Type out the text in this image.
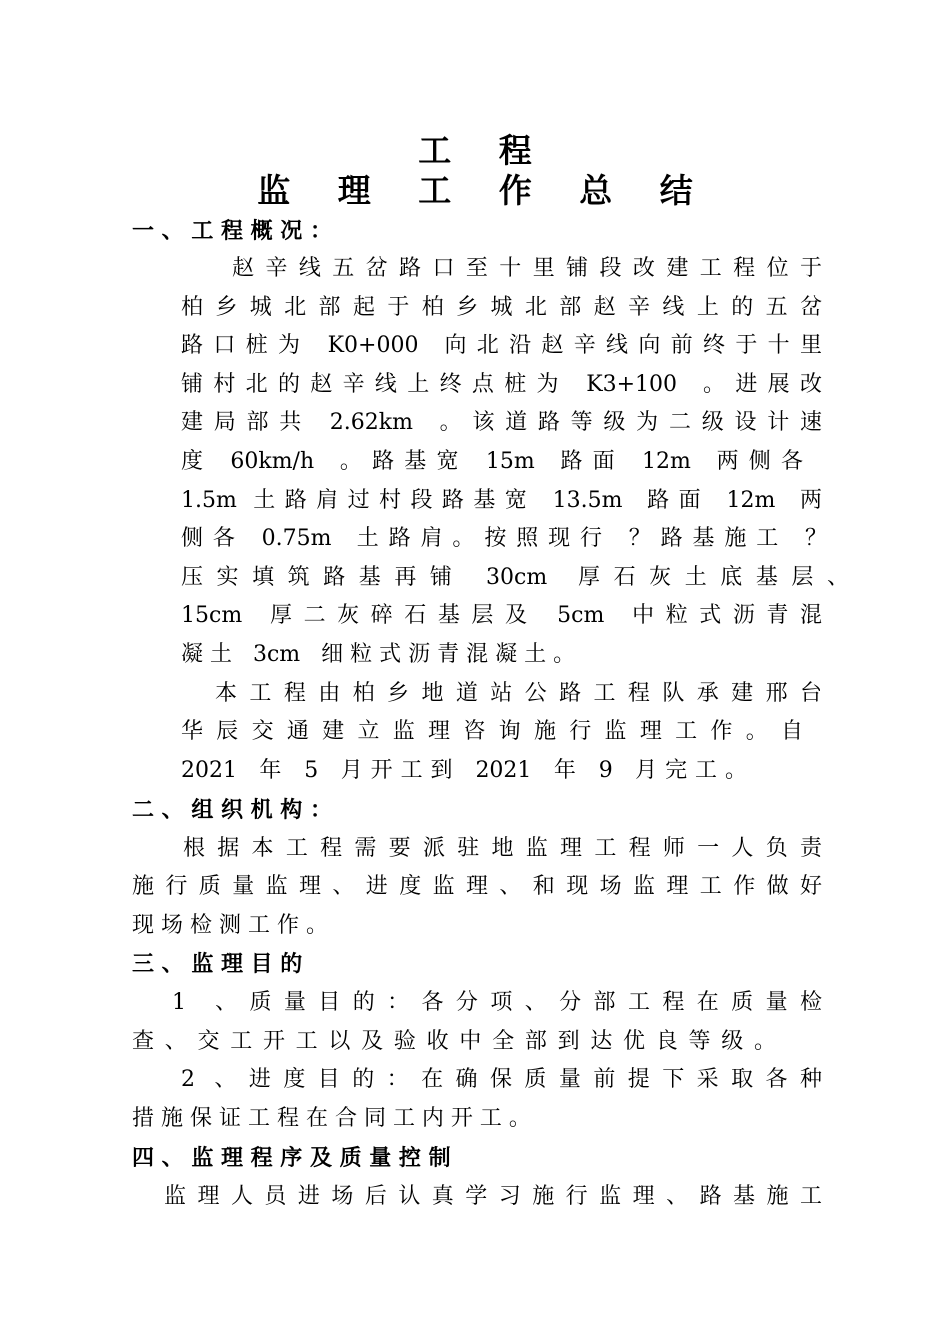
工 程
监 理 工 作 总 结
一 、 工 程 概 况 ：
赵 辛 线 五 岔 路 口 至 十 里 铺 段 改 建 工 程 位 于
柏 乡 城 北 部 起 于 柏 乡 城 北 部 赵 辛 线 上 的 五 岔
路 口 桩 为   K0+000   向 北 沿 赵 辛 线 向 前 终 于 十 里
铺 村 北 的 赵 辛 线 上 终 点 桩 为   K3+100   。 进 展 改
建 局 部 共   2.62km   。 该 道 路 等 级 为 二 级 设 计 速
度   60km/h   。 路 基 宽   15m   路 面   12m   两 侧 各
1.5m  土 路 肩 过 村 段 路 基 宽   13.5m   路 面   12m   两
侧 各   0.75m   土 路 肩 。 按 照 现 行   ？ 路 基 施 工   ？
压 实 填 筑 路 基 再 铺   30cm   厚 石 灰 土 底 基 层 、
15cm   厚 二 灰 碎 石 基 层 及   5cm   中 粒 式 沥 青 混
凝 土   3cm   细 粒 式 沥 青 混 凝 土 。
本 工 程 由 柏 乡 地 道 站 公 路 工 程 队 承 建 邢 台
华 辰 交 通 建 立 监 理 咨 询 施 行 监 理 工 作 。 自
2021   年   5   月 开 工 到   2021   年   9   月 完 工 。
二 、 组 织 机 构 ：
根 据 本 工 程 需 要 派 驻 地 监 理 工 程 师 一 人 负 责
施 行 质 量 监 理 、 进 度 监 理 、 和 现 场 监 理 工 作 做 好
现 场 检 测 工 作 。
三 、 监 理 目 的
1   、 质 量 目 的 ： 各 分 项 、 分 部 工 程 在 质 量 检
查 、 交 工 开 工 以 及 验 收 中 全 部 到 达 优 良 等 级 。
2  、 进 度 目 的 ： 在 确 保 质 量 前 提 下 采 取 各 种
措 施 保 证 工 程 在 合 同 工 内 开 工 。
四 、 监 理 程 序 及 质 量 控 制
监 理 人 员 进 场 后 认 真 学 习 施 行 监 理 、 路 基 施 工
